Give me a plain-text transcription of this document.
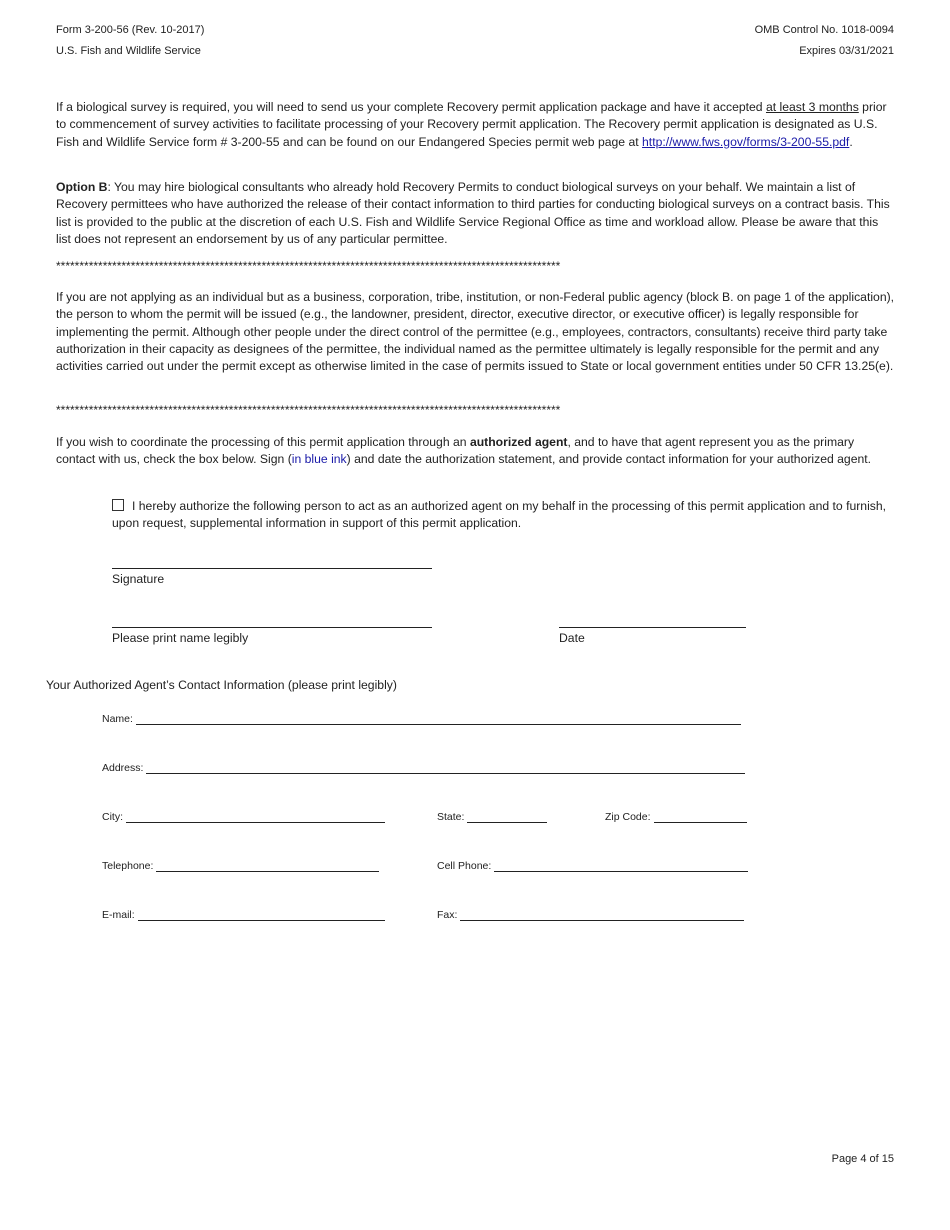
Form 3-200-56 (Rev. 10-2017)
U.S. Fish and Wildlife Service
OMB Control No. 1018-0094
Expires 03/31/2021

If a biological survey is required, you will need to send us your complete Recovery permit application package and have it accepted at least 3 months prior to commencement of survey activities to facilitate processing of your Recovery permit application. The Recovery permit application is designated as U.S. Fish and Wildlife Service form # 3-200-55 and can be found on our Endangered Species permit web page at http://www.fws.gov/forms/3-200-55.pdf.

Option B: You may hire biological consultants who already hold Recovery Permits to conduct biological surveys on your behalf. We maintain a list of Recovery permittees who have authorized the release of their contact information to third parties for conducting biological surveys on a contract basis. This list is provided to the public at the discretion of each U.S. Fish and Wildlife Service Regional Office as time and workload allow. Please be aware that this list does not represent an endorsement by us of any particular permittee.

************************************************************************************************************

If you are not applying as an individual but as a business, corporation, tribe, institution, or non-Federal public agency (block B. on page 1 of the application), the person to whom the permit will be issued (e.g., the landowner, president, director, executive director, or executive officer) is legally responsible for implementing the permit. Although other people under the direct control of the permittee (e.g., employees, contractors, consultants) receive third party take authorization in their capacity as designees of the permittee, the individual named as the permittee ultimately is legally responsible for the permit and any activities carried out under the permit except as otherwise limited in the case of permits issued to State or local government entities under 50 CFR 13.25(e).

************************************************************************************************************

If you wish to coordinate the processing of this permit application through an authorized agent, and to have that agent represent you as the primary contact with us, check the box below. Sign (in blue ink) and date the authorization statement, and provide contact information for your authorized agent.

I hereby authorize the following person to act as an authorized agent on my behalf in the processing of this permit application and to furnish, upon request, supplemental information in support of this permit application.
Signature
Please print name legibly	Date
Your Authorized Agent’s Contact Information (please print legibly)
Name:
Address:
City:	State:	Zip Code:
Telephone:	Cell Phone:
E-mail:	Fax:
Page 4 of 15
